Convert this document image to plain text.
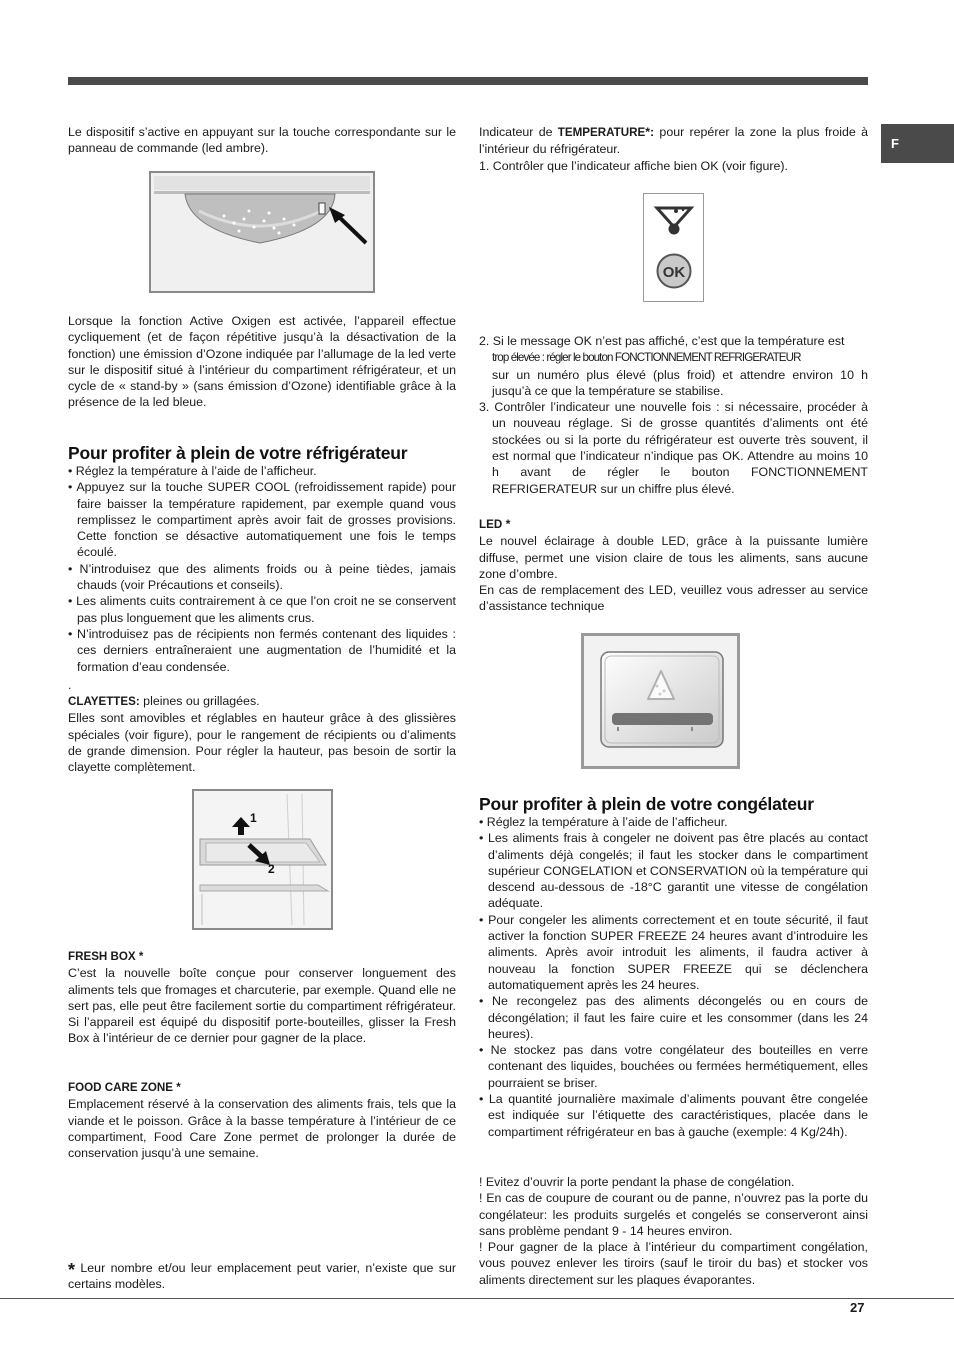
F

Le dispositif s’active en appuyant sur la touche correspondante sur le panneau de commande (led ambre).

Lorsque la fonction Active Oxigen est activée, l’appareil effectue cycliquement (et de façon répétitive jusqu’à la désactivation de la fonction) une émission d’Ozone indiquée par l’allumage de la led verte sur le dispositif situé à l’intérieur du compartiment réfrigérateur, et un cycle de « stand-by » (sans émission d’Ozone) identifiable grâce à la présence de la led bleue.

Pour profiter à plein de votre réfrigérateur

• Réglez la température à l’aide de l’afficheur.

• Appuyez sur la touche SUPER COOL (refroidissement rapide) pour faire baisser la température rapidement, par exemple quand vous remplissez le compartiment après avoir fait de grosses provisions. Cette fonction se désactive automatiquement une fois le temps écoulé.

• N’introduisez que des aliments froids ou à peine tièdes, jamais chauds (voir Précautions et conseils).

• Les aliments cuits contrairement à ce que l’on croit ne se conservent pas plus longuement que les aliments crus.

• N’introduisez pas de récipients non fermés contenant des liquides : ces derniers entraîneraient une augmentation de l’humidité et la formation d’eau condensée.

.

CLAYETTES: pleines ou grillagées.

Elles sont amovibles et réglables en hauteur grâce à des glissières spéciales (voir figure), pour le rangement de récipients ou d’aliments de grande dimension. Pour régler la hauteur, pas besoin de sortir la clayette complètement.

1
2

FRESH BOX *

C’est la nouvelle boîte conçue pour conserver longuement des aliments tels que fromages et charcuterie, par exemple. Quand elle ne sert pas, elle peut être facilement sortie du compartiment réfrigérateur. Si l’appareil est équipé du dispositif porte-bouteilles, glisser la Fresh Box à l’intérieur de ce dernier pour gagner de la place.

FOOD CARE ZONE *

Emplacement réservé à la conservation des aliments frais, tels que la viande et le poisson. Grâce à la basse température à l’intérieur de ce compartiment, Food Care Zone permet de prolonger la durée de conservation jusqu’à une semaine.

* Leur nombre et/ou leur emplacement peut varier, n’existe que sur certains modèles.

Indicateur de TEMPERATURE*: pour repérer la zone la plus froide à l’intérieur du réfrigérateur.

1. Contrôler que l’indicateur affiche bien OK (voir figure).

OK

2. Si le message OK n’est pas affiché, c’est que la température est

trop élevée : régler le bouton FONCTIONNEMENT REFRIGERATEUR

sur un numéro plus élevé (plus froid) et attendre environ 10 h jusqu’à ce que la température se stabilise.

3. Contrôler l’indicateur une nouvelle fois : si nécessaire, procéder à un nouveau réglage. Si de grosse quantités d’aliments ont été stockées ou si la porte du réfrigérateur est ouverte très souvent, il est normal que l’indicateur n’indique pas OK. Attendre au moins 10 h avant de régler le bouton FONCTIONNEMENT REFRIGERATEUR sur un chiffre plus élevé.

LED *

Le nouvel éclairage à double LED, grâce à la puissante lumière diffuse, permet une vision claire de tous les aliments, sans aucune zone d’ombre.

En cas de remplacement des LED, veuillez vous adresser au service d’assistance technique

Pour profiter à plein de votre congélateur

• Réglez la température à l’aide de l’afficheur.

• Les aliments frais à congeler ne doivent pas être placés au contact d’aliments déjà congelés; il faut les stocker dans le compartiment supérieur CONGELATION et CONSERVATION où la température qui descend au-dessous de -18°C garantit une vitesse de congélation adéquate.

• Pour congeler les aliments correctement et en toute sécurité, il faut activer la fonction SUPER FREEZE 24 heures avant d’introduire les aliments. Après avoir introduit les aliments, il faudra activer à nouveau la fonction SUPER FREEZE qui se déclenchera automatiquement après les 24 heures.

• Ne recongelez pas des aliments décongelés ou en cours de décongélation; il faut les faire cuire et les consommer (dans les 24 heures).

• Ne stockez pas dans votre congélateur des bouteilles en verre contenant des liquides, bouchées ou fermées hermétiquement, elles pourraient se briser.

• La quantité journalière maximale d’aliments pouvant être congelée est indiquée sur l’étiquette des caractéristiques, placée dans le compartiment réfrigérateur en bas à gauche (exemple: 4 Kg/24h).

! Evitez d’ouvrir la porte pendant la phase de congélation.

! En cas de coupure de courant ou de panne, n’ouvrez pas la porte du congélateur: les produits surgelés et congelés se conserveront ainsi sans problème pendant 9 - 14 heures environ.

! Pour gagner de la place à l’intérieur du compartiment congélation, vous pouvez enlever les tiroirs (sauf le tiroir du bas) et stocker vos aliments directement sur les plaques évaporantes.

27
